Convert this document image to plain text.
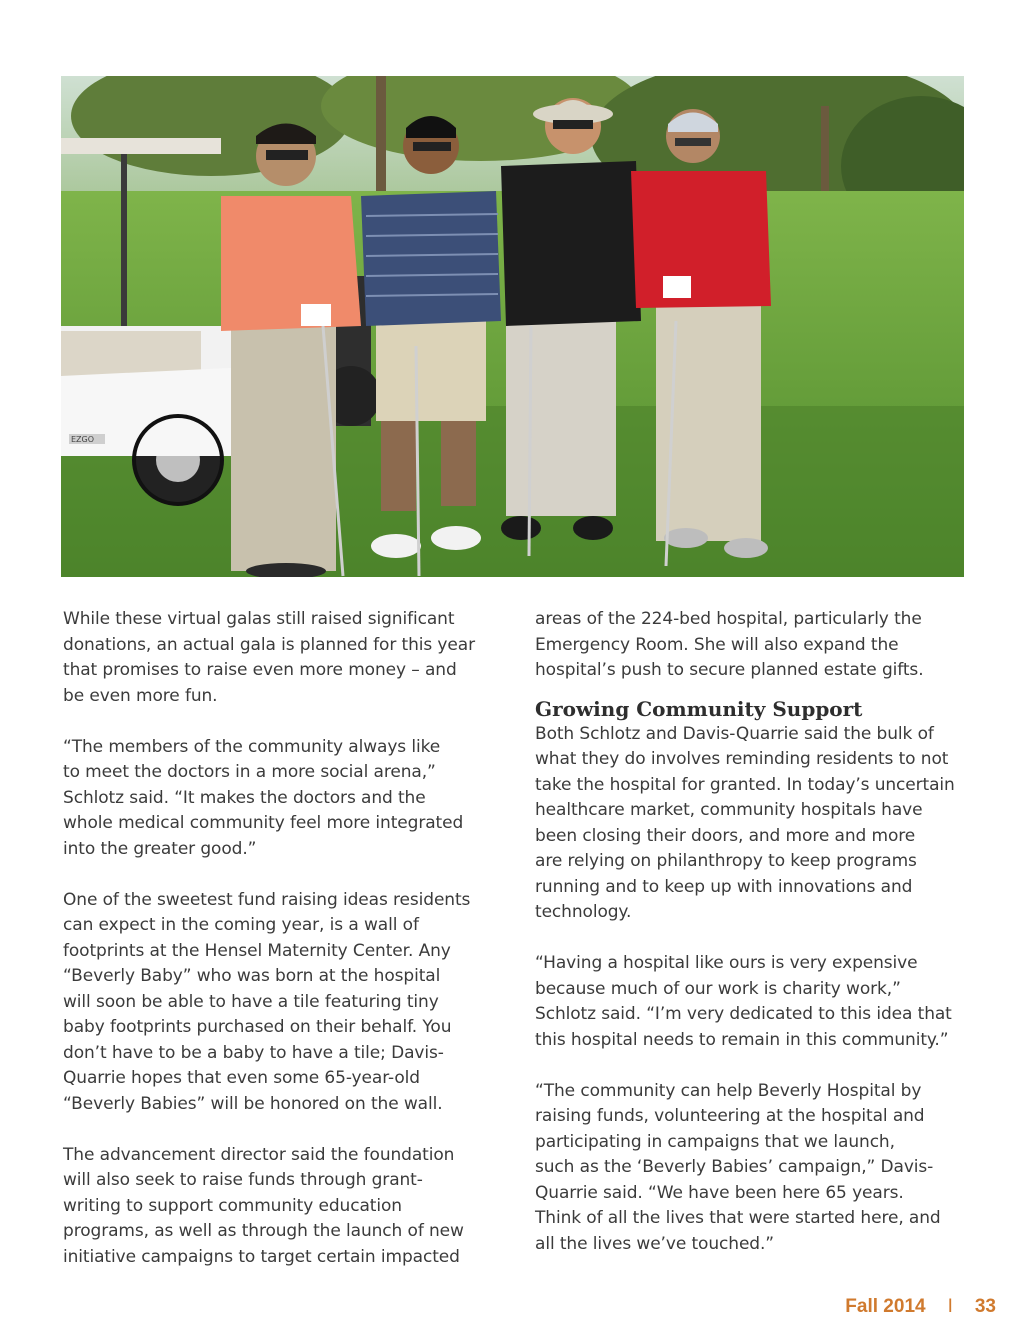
EZGO

While these virtual galas still raised significant
donations, an actual gala is planned for this year
that promises to raise even more money – and
be even more fun.

“The members of the community always like
to meet the doctors in a more social arena,”
Schlotz said. “It makes the doctors and the
whole medical community feel more integrated
into the greater good.”

One of the sweetest fund raising ideas residents
can expect in the coming year, is a wall of
footprints at the Hensel Maternity Center. Any
“Beverly Baby” who was born at the hospital
will soon be able to have a tile featuring tiny
baby footprints purchased on their behalf. You
don’t have to be a baby to have a tile; Davis-
Quarrie hopes that even some 65-year-old
“Beverly Babies” will be honored on the wall.

The advancement director said the foundation
will also seek to raise funds through grant-
writing to support community education
programs, as well as through the launch of new
initiative campaigns to target certain impacted

areas of the 224-bed hospital, particularly the
Emergency Room. She will also expand the
hospital’s push to secure planned estate gifts.

Growing Community Support

Both Schlotz and Davis-Quarrie said the bulk of
what they do involves reminding residents to not
take the hospital for granted. In today’s uncertain
healthcare market, community hospitals have
been closing their doors, and more and more
are relying on philanthropy to keep programs
running and to keep up with innovations and
technology.

“Having a hospital like ours is very expensive
because much of our work is charity work,”
Schlotz said. “I’m very dedicated to this idea that
this hospital needs to remain in this community.”

“The community can help Beverly Hospital by
raising funds, volunteering at the hospital and
participating in campaigns that we launch,
such as the ‘Beverly Babies’ campaign,” Davis-
Quarrie said. “We have been here 65 years.
Think of all the lives that were started here, and
all the lives we’ve touched.”

Fall 2014 I 33
